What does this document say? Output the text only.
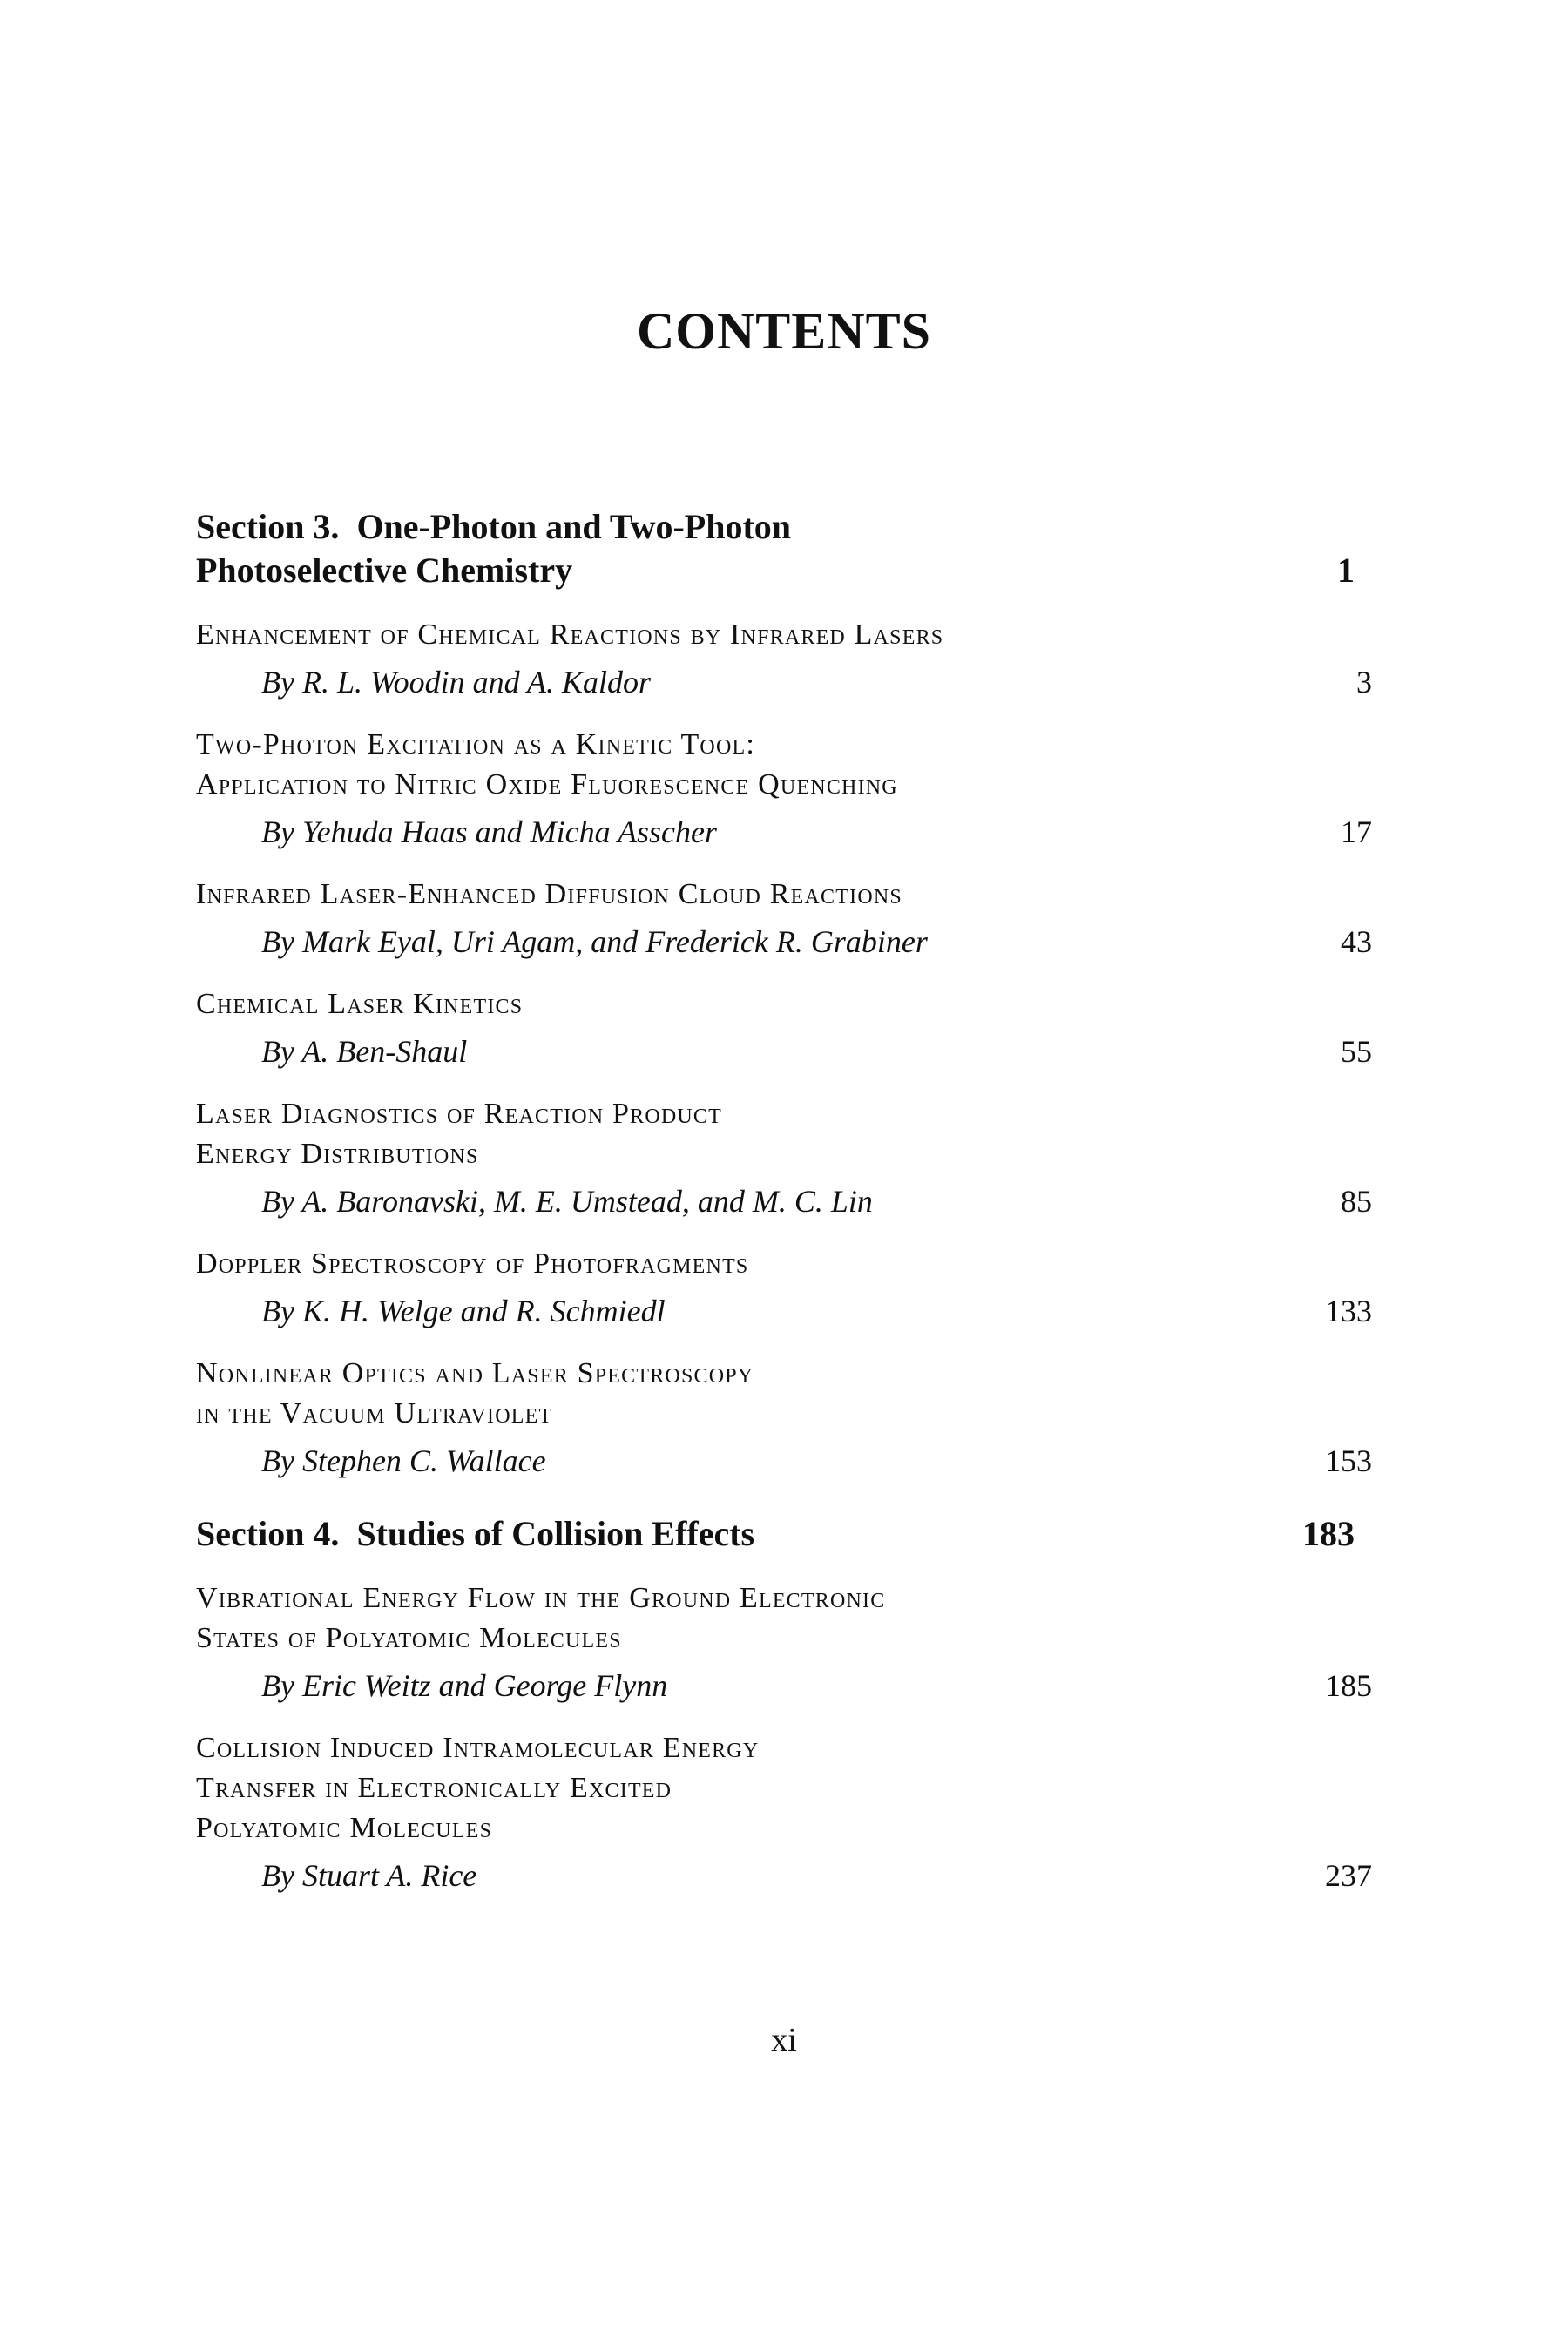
CONTENTS
Section 3. One-Photon and Two-Photon
Photoselective Chemistry	1
Enhancement of Chemical Reactions by Infrared Lasers
By R. L. Woodin and A. Kaldor	3
Two-Photon Excitation as a Kinetic Tool:
Application to Nitric Oxide Fluorescence Quenching
By Yehuda Haas and Micha Asscher	17
Infrared Laser-Enhanced Diffusion Cloud Reactions
By Mark Eyal, Uri Agam, and Frederick R. Grabiner	43
Chemical Laser Kinetics
By A. Ben-Shaul	55
Laser Diagnostics of Reaction Product
Energy Distributions
By A. Baronavski, M. E. Umstead, and M. C. Lin	85
Doppler Spectroscopy of Photofragments
By K. H. Welge and R. Schmiedl	133
Nonlinear Optics and Laser Spectroscopy
in the Vacuum Ultraviolet
By Stephen C. Wallace	153
Section 4. Studies of Collision Effects	183
Vibrational Energy Flow in the Ground Electronic
States of Polyatomic Molecules
By Eric Weitz and George Flynn	185
Collision Induced Intramolecular Energy
Transfer in Electronically Excited
Polyatomic Molecules
By Stuart A. Rice	237
xi
